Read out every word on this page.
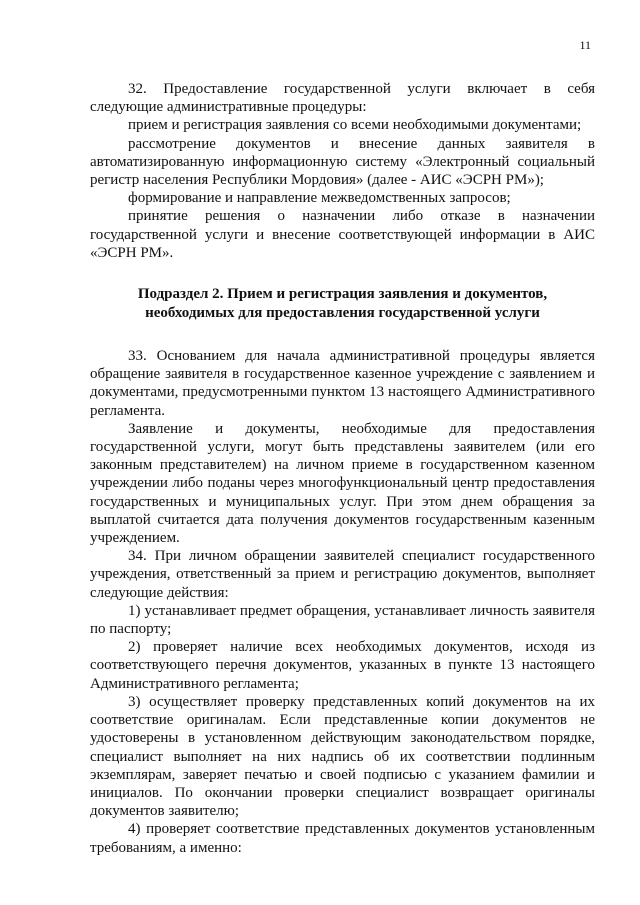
11

32. Предоставление государственной услуги включает в себя следующие административные процедуры:

прием и регистрация заявления со всеми необходимыми документами;

рассмотрение документов и внесение данных заявителя в автоматизированную информационную систему «Электронный социальный регистр населения Республики Мордовия» (далее - АИС «ЭСРН РМ»);

формирование и направление межведомственных запросов;

принятие решения о назначении либо отказе в назначении государственной услуги и внесение соответствующей информации в АИС «ЭСРН РМ».

Подраздел 2. Прием и регистрация заявления и документов,
необходимых для предоставления государственной услуги

33. Основанием для начала административной процедуры является обращение заявителя в государственное казенное учреждение с заявлением и документами, предусмотренными пунктом 13 настоящего Административного регламента.

Заявление и документы, необходимые для предоставления государственной услуги, могут быть представлены заявителем (или его законным представителем) на личном приеме в государственном казенном учреждении либо поданы через многофункциональный центр предоставления государственных и муниципальных услуг. При этом днем обращения за выплатой считается дата получения документов государственным казенным учреждением.

34. При личном обращении заявителей специалист государственного учреждения, ответственный за прием и регистрацию документов, выполняет следующие действия:

1) устанавливает предмет обращения, устанавливает личность заявителя по паспорту;

2) проверяет наличие всех необходимых документов, исходя из соответствующего перечня документов, указанных в пункте 13 настоящего Административного регламента;

3) осуществляет проверку представленных копий документов на их соответствие оригиналам. Если представленные копии документов не удостоверены в установленном действующим законодательством порядке, специалист выполняет на них надпись об их соответствии подлинным экземплярам, заверяет печатью и своей подписью с указанием фамилии и инициалов. По окончании проверки специалист возвращает оригиналы документов заявителю;

4) проверяет соответствие представленных документов установленным требованиям, а именно:
